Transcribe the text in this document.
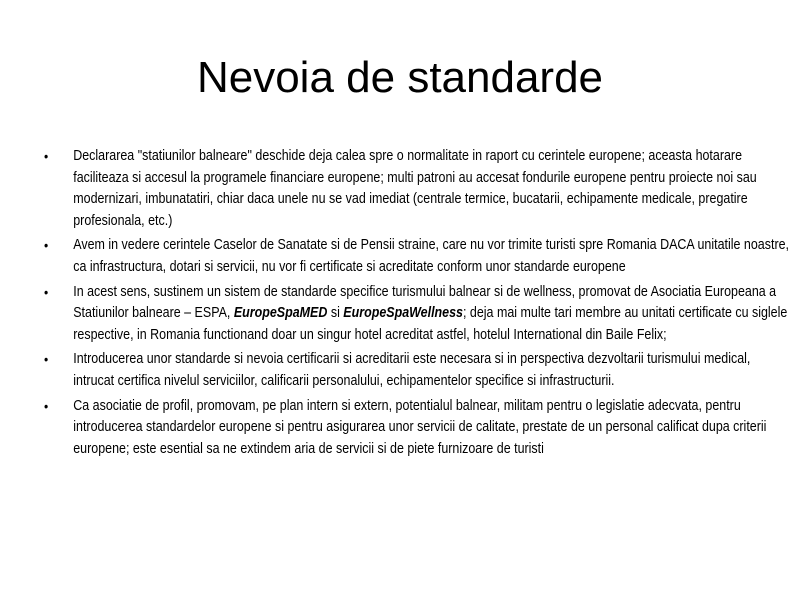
Nevoia de standarde
•	Declararea "statiunilor balneare" deschide deja calea spre o normalitate in raport cu cerintele europene; aceasta hotarare faciliteaza si accesul la programele financiare europene; multi patroni au accesat fondurile europene pentru proiecte noi sau modernizari, imbunatatiri, chiar daca unele nu se vad imediat (centrale termice, bucatarii, echipamente medicale, pregatire profesionala, etc.)
•	Avem in vedere cerintele Caselor de Sanatate si de Pensii straine, care nu vor trimite turisti spre Romania DACA unitatile noastre, ca infrastructura, dotari si servicii, nu vor fi certificate si acreditate conform unor standarde europene
•	In acest sens, sustinem un sistem de standarde specifice turismului balnear si de wellness, promovat de Asociatia Europeana a Statiunilor balneare – ESPA, EuropeSpaMED si EuropeSpaWellness; deja mai multe tari membre au unitati certificate cu siglele respective, in Romania functionand doar un singur hotel acreditat astfel, hotelul International din Baile Felix;
•	Introducerea unor standarde si nevoia certificarii si acreditarii este necesara si in perspectiva dezvoltarii turismului medical, intrucat certifica nivelul serviciilor, calificarii personalului, echipamentelor specifice si infrastructurii.
•	Ca asociatie de profil, promovam, pe plan intern si extern, potentialul balnear, militam pentru o legislatie adecvata, pentru introducerea standardelor europene si pentru asigurarea unor servicii de calitate, prestate de un personal calificat dupa criterii europene; este esential sa ne extindem aria de servicii si de piete furnizoare de turisti
